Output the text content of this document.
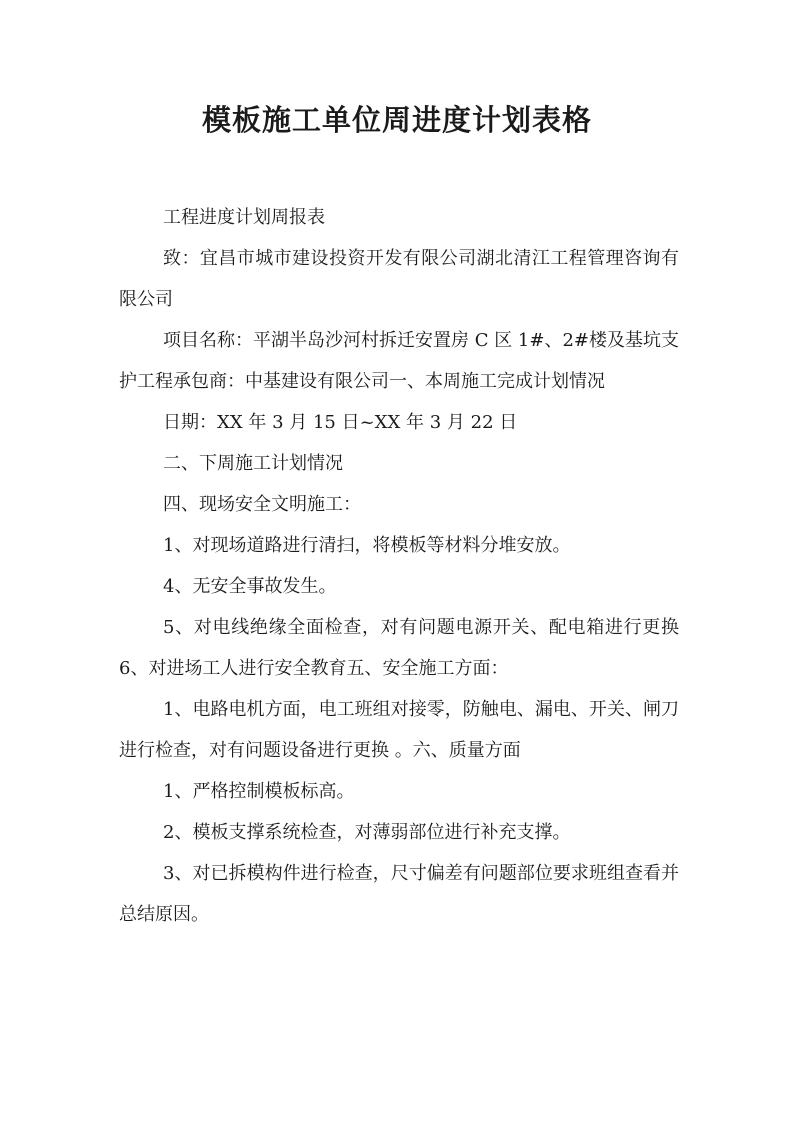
模板施工单位周进度计划表格

工程进度计划周报表

致：宜昌市城市建设投资开发有限公司湖北清江工程管理咨询有限公司

项目名称：平湖半岛沙河村拆迁安置房 C 区 1#、2#楼及基坑支护工程承包商：中基建设有限公司一、本周施工完成计划情况

日期：XX 年 3 月 15 日~XX 年 3 月 22 日

二、下周施工计划情况

四、现场安全文明施工：

1、对现场道路进行清扫，将模板等材料分堆安放。

4、无安全事故发生。

5、对电线绝缘全面检查，对有问题电源开关、配电箱进行更换 6、对进场工人进行安全教育五、安全施工方面：

1、电路电机方面，电工班组对接零，防触电、漏电、开关、闸刀进行检查，对有问题设备进行更换 。六、质量方面

1、严格控制模板标高。

2、模板支撑系统检查，对薄弱部位进行补充支撑。

3、对已拆模构件进行检查，尺寸偏差有问题部位要求班组查看并总结原因。
